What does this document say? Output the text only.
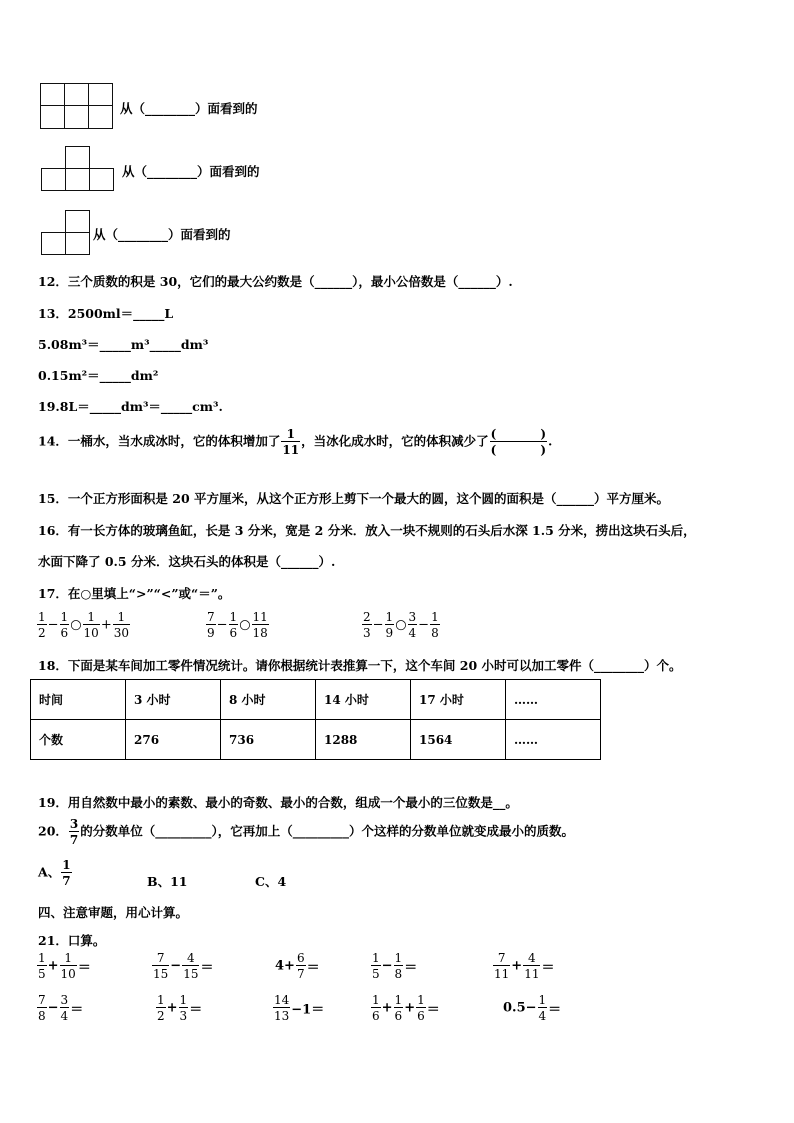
从（________）面看到的
从（________）面看到的
从（________）面看到的
12．三个质数的积是 30，它们的最大公约数是（______），最小公倍数是（______）.
13．2500ml＝_____L
5.08m³＝_____m³_____dm³
0.15m²＝_____dm²
19.8L＝_____dm³＝_____cm³.
14．一桶水，当水成冰时，它的体积增加了 $\frac{1}{11}$ ，当冰化成水时，它的体积减少了 (	)
(	) .
15．一个正方形面积是 20 平方厘米，从这个正方形上剪下一个最大的圆，这个圆的面积是（______）平方厘米。
16．有一长方体的玻璃鱼缸，长是 3 分米，宽是 2 分米．放入一块不规则的石头后水深 1.5 分米，捞出这块石头后，
水面下降了 0.5 分米．这块石头的体积是（______）.
17．在○里填上“>”“<”或“＝”。
$\frac{1}{2} - \frac{1}{6}$ ○ $\frac{1}{10} + \frac{1}{30}$	$\frac{7}{9} - \frac{1}{6}$ ○ $\frac{11}{18}$	$\frac{2}{3} - \frac{1}{9}$ ○ $\frac{3}{4} - \frac{1}{8}$
18．下面是某车间加工零件情况统计。请你根据统计表推算一下，这个车间 20 小时可以加工零件（________）个。
时间	3 小时	8 小时	14 小时	17 小时	……
个数	276	736	1288	1564	……
19．用自然数中最小的素数、最小的奇数、最小的合数，组成一个最小的三位数是__。
20． $\frac{3}{7}$ 的分数单位（_________），它再加上（_________）个这样的分数单位就变成最小的质数。
A、 $\frac{1}{7}$	B、11	C、4
四、注意审题，用心计算。
21．口算。
$\frac{1}{5} + \frac{1}{10}$ ＝	$\frac{7}{15} - \frac{4}{15}$ ＝	$4+ \frac{6}{7}$ ＝	$\frac{1}{5} - \frac{1}{8}$ ＝	$\frac{7}{11} + \frac{4}{11}$ ＝
$\frac{7}{8} - \frac{3}{4}$ ＝	$\frac{1}{2} + \frac{1}{3}$ ＝	$\frac{14}{13} -1=$	$\frac{1}{6} + \frac{1}{6} + \frac{1}{6}$ ＝	$0.5- \frac{1}{4}$ ＝
